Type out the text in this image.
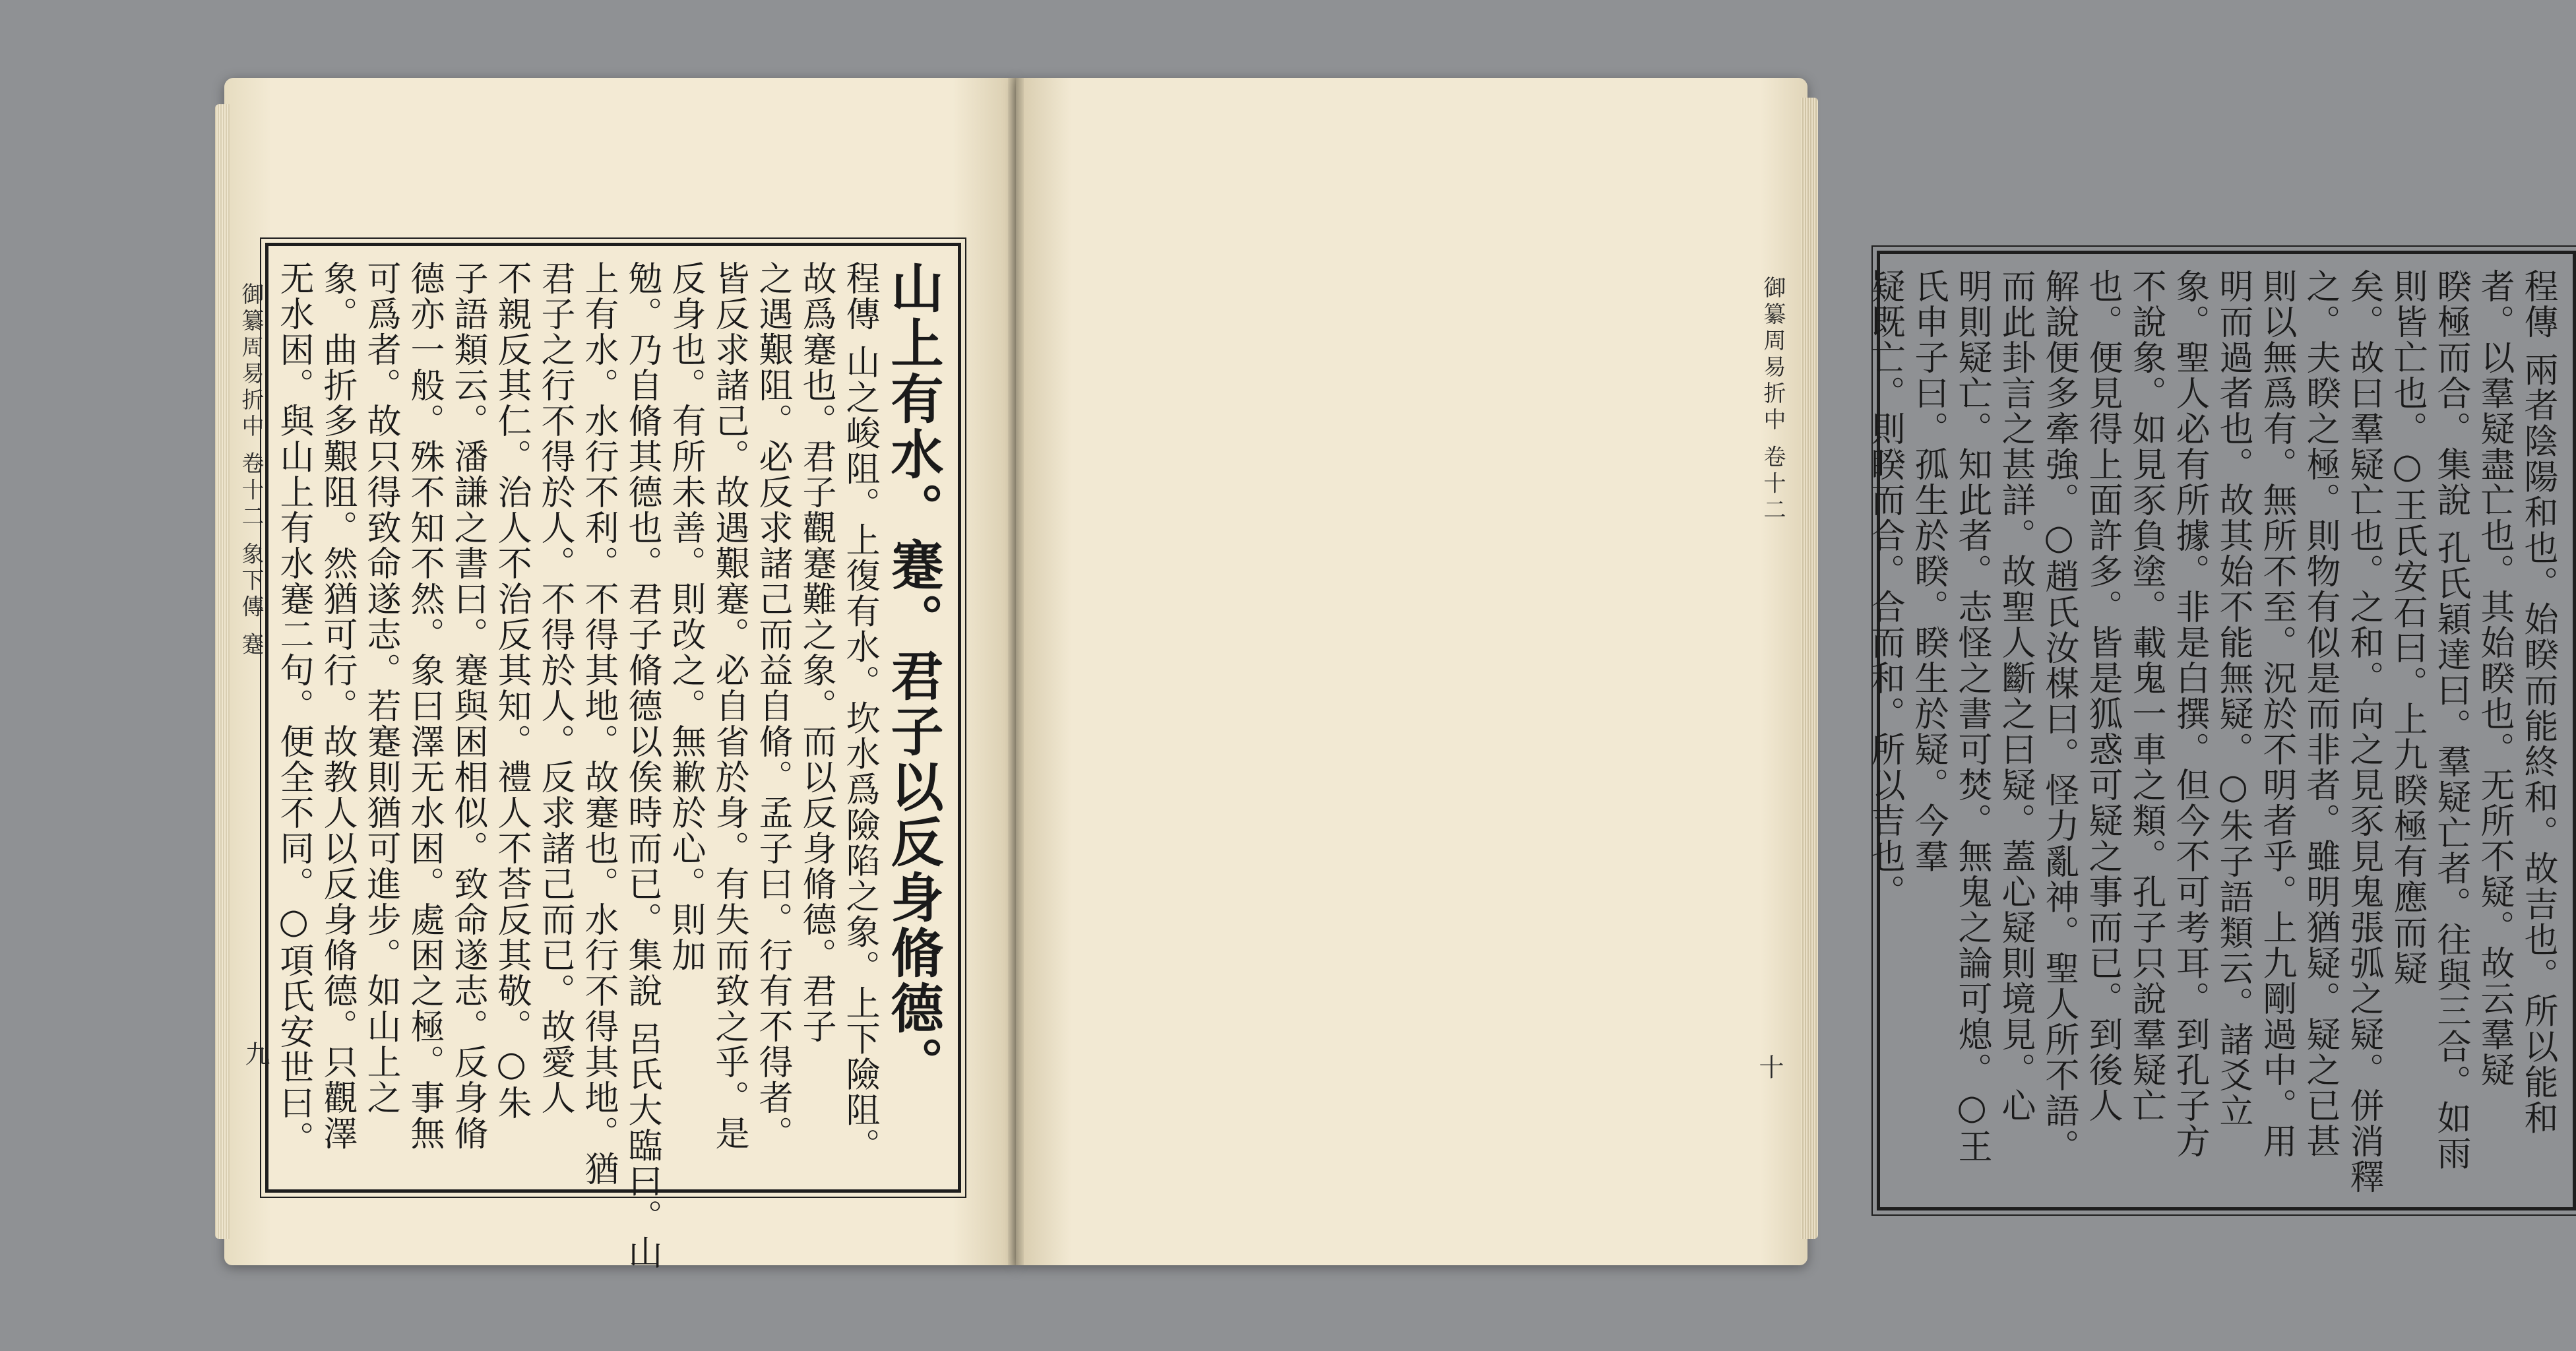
御纂周易折中 卷十二 象下傳 蹇
九	山上有水。蹇。君子以反身脩德。
程傳 山之峻阻。上復有水。坎水爲險陷之象。上下險阻。
故爲蹇也。君子觀蹇難之象。而以反身脩德。君子
之遇艱阻。必反求諸己而益自脩。孟子曰。行有不得者。
皆反求諸己。故遇艱蹇。必自省於身。有失而致之乎。是
反身也。有所未善。則改之。無歉於心。則加
勉。乃自脩其德也。君子脩德以俟時而已。集說 呂氏大臨曰。山
上有水。水行不利。不得其地。故蹇也。水行不得其地。猶
君子之行不得於人。不得於人。反求諸己而已。故愛人
不親反其仁。治人不治反其知。禮人不荅反其敬。○朱
子語類云。潘謙之書曰。蹇與困相似。致命遂志。反身脩
德亦一般。殊不知不然。象曰澤无水困。處困之極。事無
可爲者。故只得致命遂志。若蹇則猶可進步。如山上之
象。曲折多艱阻。然猶可行。故教人以反身脩德。只觀澤
无水困。與山上有水蹇二句。便全不同。○項氏安世曰。	御纂周易折中 卷十二
十	程傳 兩者陰陽和也。始睽而能終和。故吉也。所以能和
者。以羣疑盡亡也。其始睽也。无所不疑。故云羣疑
睽極而合。集說 孔氏穎達曰。羣疑亡者。往與三合。如雨
則皆亡也。○王氏安石曰。上九睽極有應而疑
矣。故曰羣疑亡也。之和。向之見豕見鬼張弧之疑。併消釋
之。夫睽之極。則物有似是而非者。雖明猶疑。疑之已甚
則以無爲有。無所不至。況於不明者乎。上九剛過中。用
明而過者也。故其始不能無疑。○朱子語類云。諸爻立
象。聖人必有所據。非是白撰。但今不可考耳。到孔子方
不說象。如見豕負塗。載鬼一車之類。孔子只說羣疑亡
也。便見得上面許多。皆是狐惑可疑之事而已。到後人
解說便多牽強。○趙氏汝楳曰。怪力亂神。聖人所不語。
而此卦言之甚詳。故聖人斷之曰疑。蓋心疑則境見。心
明則疑亡。知此者。志怪之書可焚。無鬼之論可熄。○王
氏申子曰。孤生於睽。睽生於疑。今羣
疑既亡。則睽而合。合而和。所以吉也。
